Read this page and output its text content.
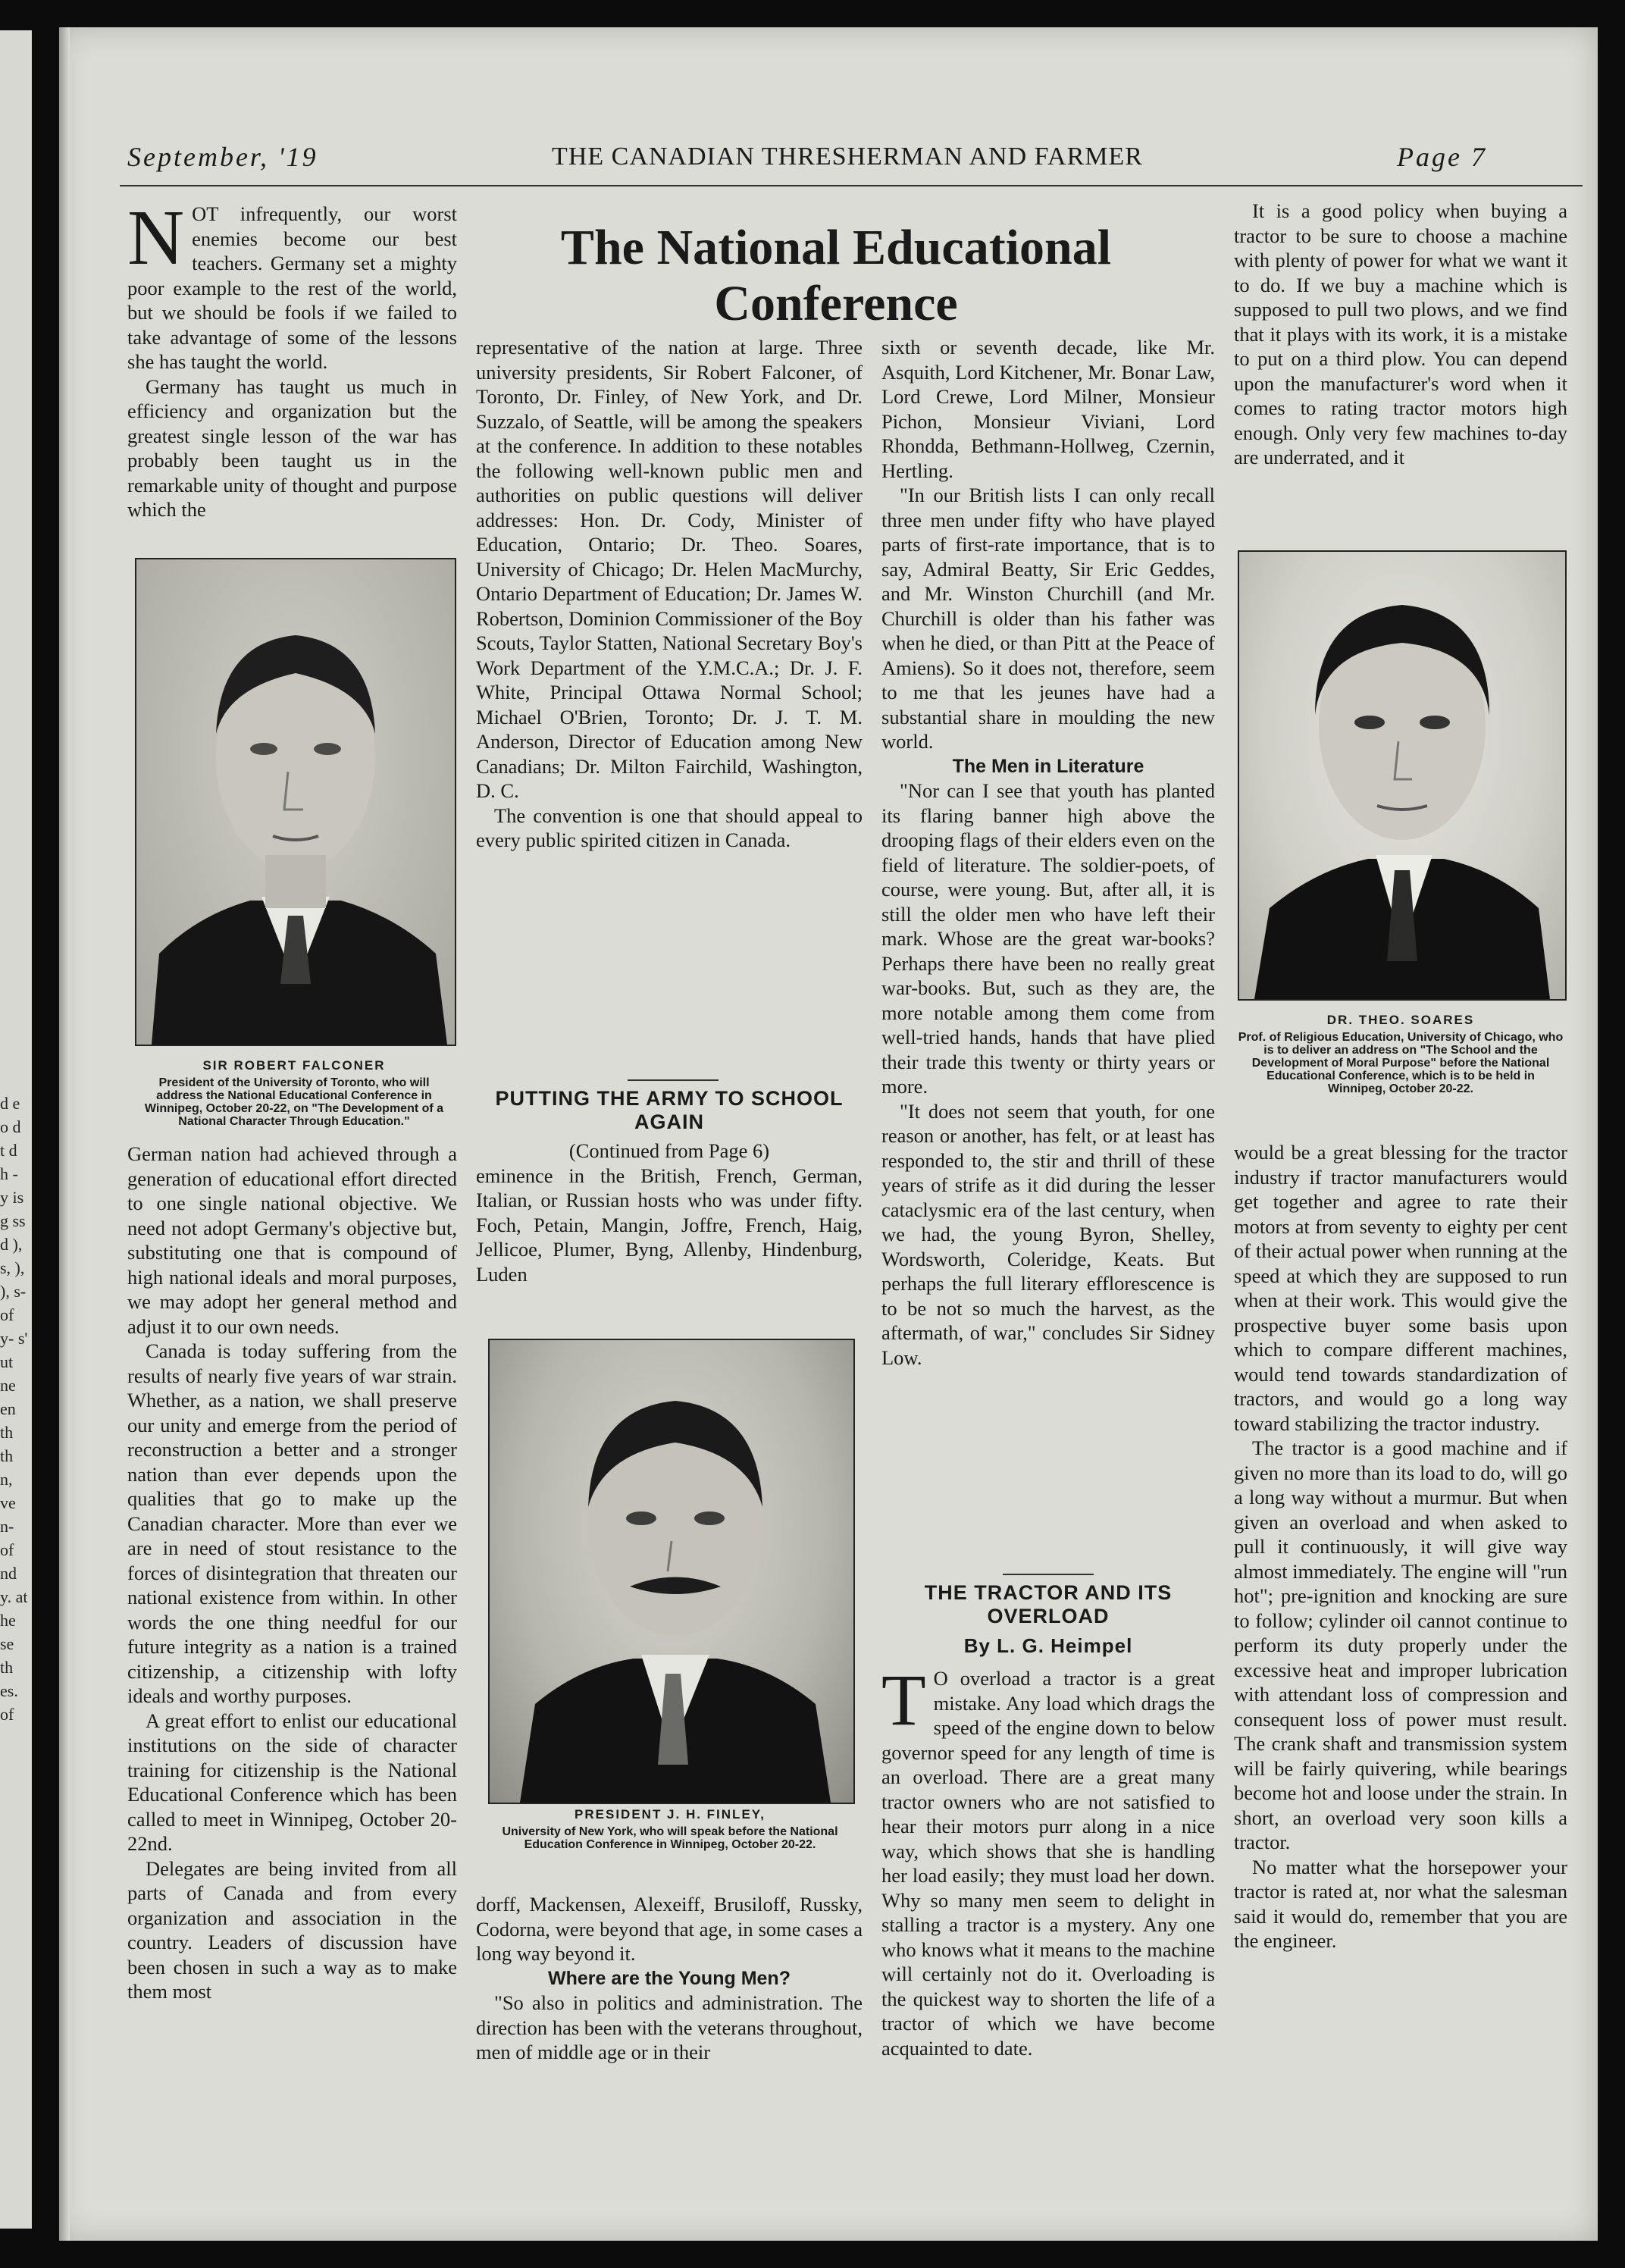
d e o d t d h - y is g ss d ), s, ), ), s- of y- s' ut ne en th th n, ve n- of nd y. at he se th es. of
September, '19	THE CANADIAN THRESHERMAN AND FARMER	Page 7
The National Educational
Conference

NOT infrequently, our worst enemies become our best teachers. Germany set a mighty poor example to the rest of the world, but we should be fools if we failed to take advantage of some of the lessons she has taught the world.

Germany has taught us much in efficiency and organization but the greatest single lesson of the war has probably been taught us in the remarkable unity of thought and purpose which the

SIR ROBERT FALCONER
President of the University of Toronto, who will address the National Educational Conference in Winnipeg, October 20-22, on "The Development of a National Character Through Education."

German nation had achieved through a generation of educational effort directed to one single national objective. We need not adopt Germany's objective but, substituting one that is compound of high national ideals and moral purposes, we may adopt her general method and adjust it to our own needs.

Canada is today suffering from the results of nearly five years of war strain. Whether, as a nation, we shall preserve our unity and emerge from the period of reconstruction a better and a stronger nation than ever depends upon the qualities that go to make up the Canadian character. More than ever we are in need of stout resistance to the forces of disintegration that threaten our national existence from within. In other words the one thing needful for our future integrity as a nation is a trained citizenship, a citizenship with lofty ideals and worthy purposes.

A great effort to enlist our educational institutions on the side of character training for citizenship is the National Educational Conference which has been called to meet in Winnipeg, October 20-22nd.

Delegates are being invited from all parts of Canada and from every organization and association in the country. Leaders of discussion have been chosen in such a way as to make them most

representative of the nation at large. Three university presidents, Sir Robert Falconer, of Toronto, Dr. Finley, of New York, and Dr. Suzzalo, of Seattle, will be among the speakers at the conference. In addition to these notables the following well-known public men and authorities on public questions will deliver addresses: Hon. Dr. Cody, Minister of Education, Ontario; Dr. Theo. Soares, University of Chicago; Dr. Helen MacMurchy, Ontario Department of Education; Dr. James W. Robertson, Dominion Commissioner of the Boy Scouts, Taylor Statten, National Secretary Boy's Work Department of the Y.M.C.A.; Dr. J. F. White, Principal Ottawa Normal School; Michael O'Brien, Toronto; Dr. J. T. M. Anderson, Director of Education among New Canadians; Dr. Milton Fairchild, Washington, D. C.

The convention is one that should appeal to every public spirited citizen in Canada.

PUTTING THE ARMY TO SCHOOL AGAIN

(Continued from Page 6)

eminence in the British, French, German, Italian, or Russian hosts who was under fifty. Foch, Petain, Mangin, Joffre, French, Haig, Jellicoe, Plumer, Byng, Allenby, Hindenburg, Luden

PRESIDENT J. H. FINLEY,
University of New York, who will speak before the National Education Conference in Winnipeg, October 20-22.

dorff, Mackensen, Alexeiff, Brusiloff, Russky, Codorna, were beyond that age, in some cases a long way beyond it.

Where are the Young Men?

"So also in politics and administration. The direction has been with the veterans throughout, men of middle age or in their

sixth or seventh decade, like Mr. Asquith, Lord Kitchener, Mr. Bonar Law, Lord Crewe, Lord Milner, Monsieur Pichon, Monsieur Viviani, Lord Rhondda, Bethmann-Hollweg, Czernin, Hertling.

"In our British lists I can only recall three men under fifty who have played parts of first-rate importance, that is to say, Admiral Beatty, Sir Eric Geddes, and Mr. Winston Churchill (and Mr. Churchill is older than his father was when he died, or than Pitt at the Peace of Amiens). So it does not, therefore, seem to me that les jeunes have had a substantial share in moulding the new world.

The Men in Literature

"Nor can I see that youth has planted its flaring banner high above the drooping flags of their elders even on the field of literature. The soldier-poets, of course, were young. But, after all, it is still the older men who have left their mark. Whose are the great war-books? Perhaps there have been no really great war-books. But, such as they are, the more notable among them come from well-tried hands, hands that have plied their trade this twenty or thirty years or more.

"It does not seem that youth, for one reason or another, has felt, or at least has responded to, the stir and thrill of these years of strife as it did during the lesser cataclysmic era of the last century, when we had, the young Byron, Shelley, Wordsworth, Coleridge, Keats. But perhaps the full literary efflorescence is to be not so much the harvest, as the aftermath, of war," concludes Sir Sidney Low.

THE TRACTOR AND ITS OVERLOAD
By L. G. Heimpel

T O overload a tractor is a great mistake. Any load which drags the speed of the engine down to below governor speed for any length of time is an overload. There are a great many tractor owners who are not satisfied to hear their motors purr along in a nice way, which shows that she is handling her load easily; they must load her down. Why so many men seem to delight in stalling a tractor is a mystery. Any one who knows what it means to the machine will certainly not do it. Overloading is the quickest way to shorten the life of a tractor of which we have become acquainted to date.

It is a good policy when buying a tractor to be sure to choose a machine with plenty of power for what we want it to do. If we buy a machine which is supposed to pull two plows, and we find that it plays with its work, it is a mistake to put on a third plow. You can depend upon the manufacturer's word when it comes to rating tractor motors high enough. Only very few machines to-day are underrated, and it

DR. THEO. SOARES
Prof. of Religious Education, University of Chicago, who is to deliver an address on "The School and the Development of Moral Purpose" before the National Educational Conference, which is to be held in Winnipeg, October 20-22.

would be a great blessing for the tractor industry if tractor manufacturers would get together and agree to rate their motors at from seventy to eighty per cent of their actual power when running at the speed at which they are supposed to run when at their work. This would give the prospective buyer some basis upon which to compare different machines, would tend towards standardization of tractors, and would go a long way toward stabilizing the tractor industry.

The tractor is a good machine and if given no more than its load to do, will go a long way without a murmur. But when given an overload and when asked to pull it continuously, it will give way almost immediately. The engine will "run hot"; pre-ignition and knocking are sure to follow; cylinder oil cannot continue to perform its duty properly under the excessive heat and improper lubrication with attendant loss of compression and consequent loss of power must result. The crank shaft and transmission system will be fairly quivering, while bearings become hot and loose under the strain. In short, an overload very soon kills a tractor.

No matter what the horsepower your tractor is rated at, nor what the salesman said it would do, remember that you are the engineer.
